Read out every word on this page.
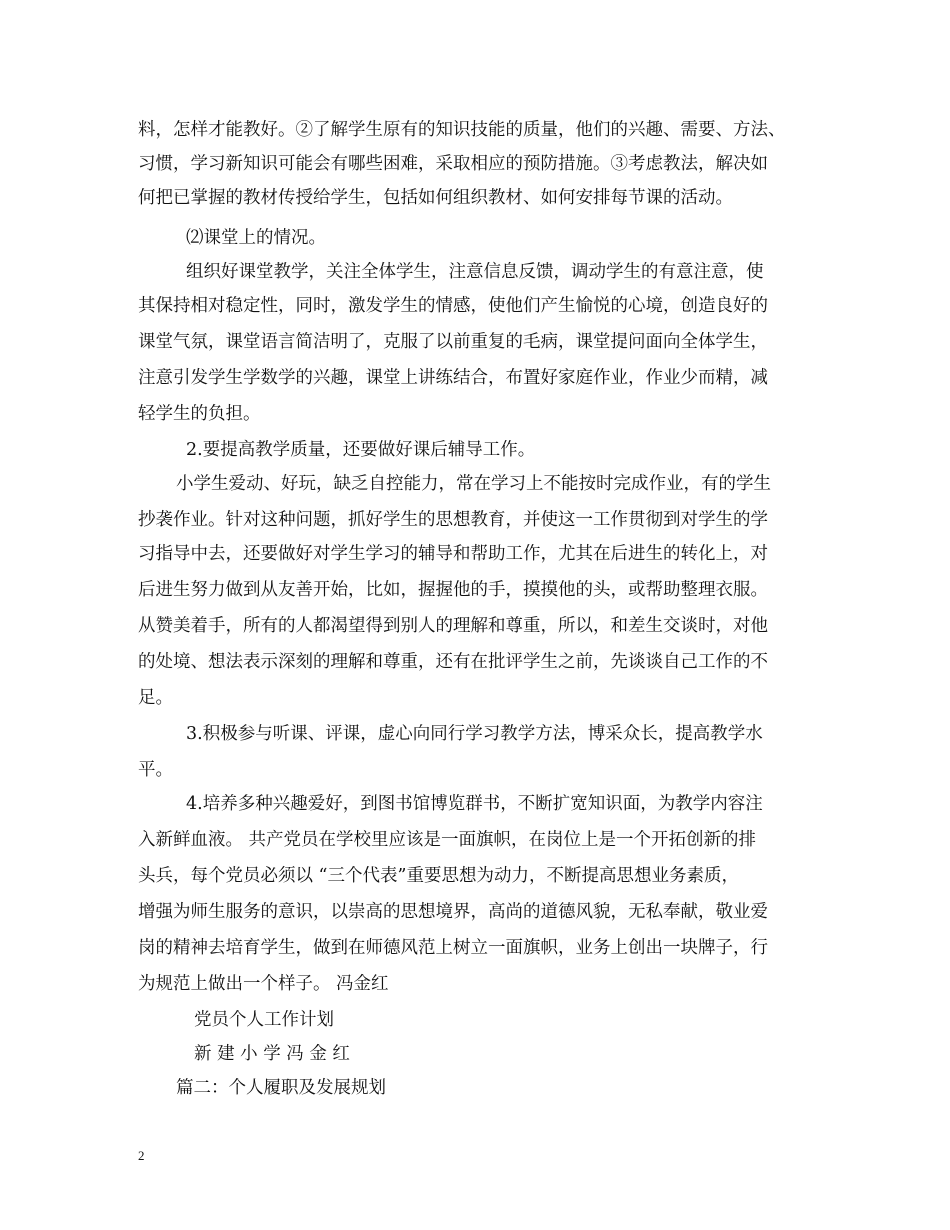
料，怎样才能教好。②了解学生原有的知识技能的质量，他们的兴趣、需要、方法、
习惯，学习新知识可能会有哪些困难，采取相应的预防措施。③考虑教法，解决如
何把已掌握的教材传授给学生，包括如何组织教材、如何安排每节课的活动。
⑵课堂上的情况。
组织好课堂教学，关注全体学生，注意信息反馈，调动学生的有意注意，使
其保持相对稳定性，同时，激发学生的情感，使他们产生愉悦的心境，创造良好的
课堂气氛，课堂语言简洁明了，克服了以前重复的毛病，课堂提问面向全体学生，
注意引发学生学数学的兴趣，课堂上讲练结合，布置好家庭作业，作业少而精，减
轻学生的负担。
2.要提高教学质量，还要做好课后辅导工作。
小学生爱动、好玩，缺乏自控能力，常在学习上不能按时完成作业，有的学生
抄袭作业。针对这种问题，抓好学生的思想教育，并使这一工作贯彻到对学生的学
习指导中去，还要做好对学生学习的辅导和帮助工作，尤其在后进生的转化上，对
后进生努力做到从友善开始，比如，握握他的手，摸摸他的头，或帮助整理衣服。
从赞美着手，所有的人都渴望得到别人的理解和尊重，所以，和差生交谈时，对他
的处境、想法表示深刻的理解和尊重，还有在批评学生之前，先谈谈自己工作的不
足。
3.积极参与听课、评课，虚心向同行学习教学方法，博采众长，提高教学水
平。
4.培养多种兴趣爱好，到图书馆博览群书，不断扩宽知识面，为教学内容注
入新鲜血液。 共产党员在学校里应该是一面旗帜，在岗位上是一个开拓创新的排
头兵，每个党员必须以 “三个代表”重要思想为动力，不断提高思想业务素质，
增强为师生服务的意识，以崇高的思想境界，高尚的道德风貌，无私奉献，敬业爱
岗的精神去培育学生，做到在师德风范上树立一面旗帜，业务上创出一块牌子，行
为规范上做出一个样子。 冯金红
党员个人工作计划
新 建 小 学 冯 金 红
篇二：个人履职及发展规划
2
